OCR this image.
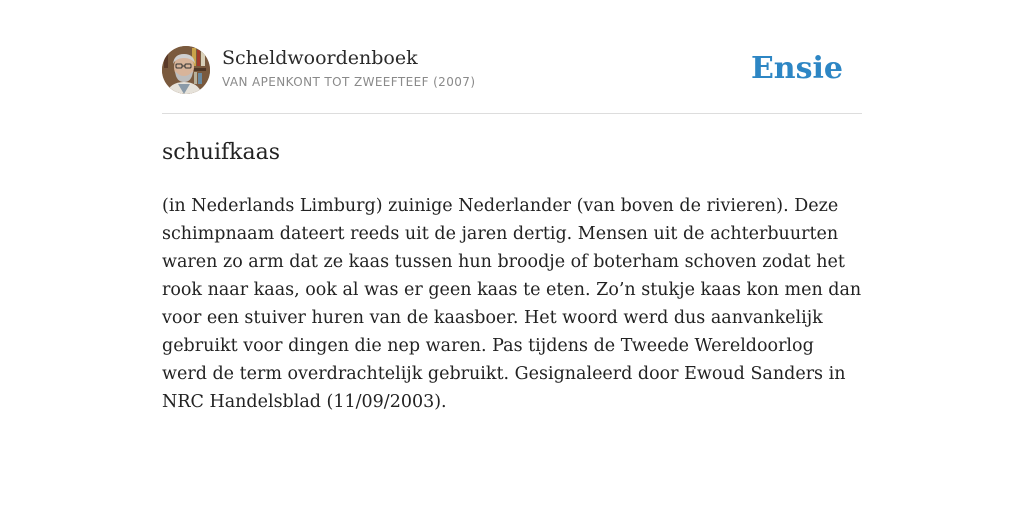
Scheldwoordenboek
VAN APENKONT TOT ZWEEFTEEF (2007)	Ensie
schuifkaas

(in Nederlands Limburg) zuinige Nederlander (van boven de rivieren). Deze schimpnaam dateert reeds uit de jaren dertig. Mensen uit de achterbuurten waren zo arm dat ze kaas tussen hun broodje of boterham schoven zodat het rook naar kaas, ook al was er geen kaas te eten. Zo’n stukje kaas kon men dan voor een stuiver huren van de kaasboer. Het woord werd dus aanvankelijk gebruikt voor dingen die nep waren. Pas tijdens de Tweede Wereldoorlog werd de term overdrachtelijk gebruikt. Gesignaleerd door Ewoud Sanders in NRC Handelsblad (11/09/2003).
